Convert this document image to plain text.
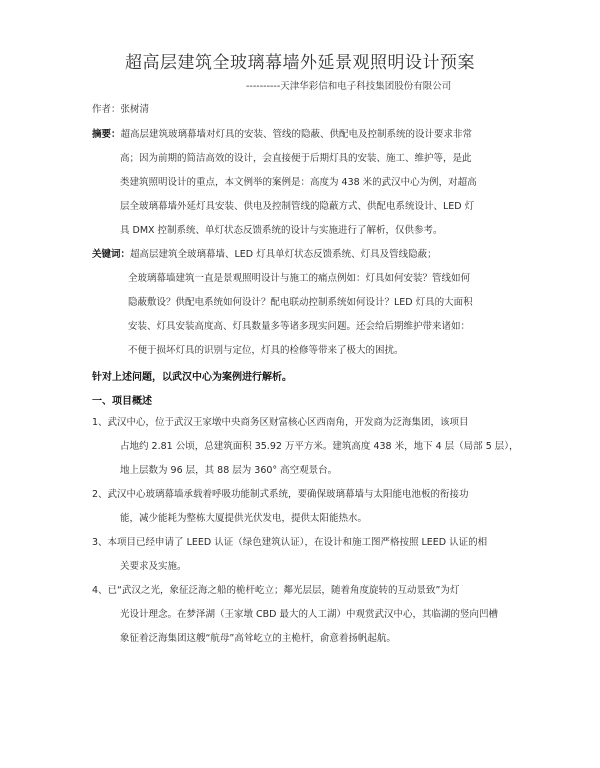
超高层建筑全玻璃幕墙外延景观照明设计预案
----------天津华彩信和电子科技集团股份有限公司
作者：张树清
摘要：超高层建筑玻璃幕墙对灯具的安装、管线的隐蔽、供配电及控制系统的设计要求非常
高；因为前期的简洁高效的设计，会直接便于后期灯具的安装、施工、维护等，是此
类建筑照明设计的重点，本文例举的案例是：高度为 438 米的武汉中心为例，对超高
层全玻璃幕墙外延灯具安装、供电及控制管线的隐蔽方式、供配电系统设计、LED 灯
具 DMX 控制系统、单灯状态反馈系统的设计与实施进行了解析，仅供参考。
关键词：超高层建筑全玻璃幕墙、LED 灯具单灯状态反馈系统、灯具及管线隐蔽；
全玻璃幕墙建筑一直是景观照明设计与施工的痛点例如：灯具如何安装？管线如何
隐蔽敷设？供配电系统如何设计？配电联动控制系统如何设计？LED 灯具的大面积
安装、灯具安装高度高、灯具数量多等诸多现实问题。还会给后期维护带来诸如：
不便于损坏灯具的识别与定位，灯具的检修等带来了极大的困扰。
针对上述问题，以武汉中心为案例进行解析。
一、项目概述
1、武汉中心，位于武汉王家墩中央商务区财富核心区西南角，开发商为泛海集团，该项目
占地约 2.81 公顷，总建筑面积 35.92 万平方米。建筑高度 438 米，地下 4 层（局部 5 层），
地上层数为 96 层，其 88 层为 360° 高空观景台。
2、武汉中心玻璃幕墙承载着呼吸功能制式系统，要确保玻璃幕墙与太阳能电池板的衔接功
能，减少能耗为整栋大厦提供光伏发电，提供太阳能热水。
3、本项目已经申请了 LEED 认证（绿色建筑认证），在设计和施工图严格按照 LEED 认证的相
关要求及实施。
4、已“武汉之光，象征泛海之船的桅杆屹立；鄰光层层，随着角度旋转的互动景致”为灯
光设计理念。在梦泽湖（王家墩 CBD 最大的人工湖）中观赏武汉中心，其临湖的竖向凹槽
象征着泛海集团这艘“航母”高耸屹立的主桅杆，俞意着扬帆起航。
